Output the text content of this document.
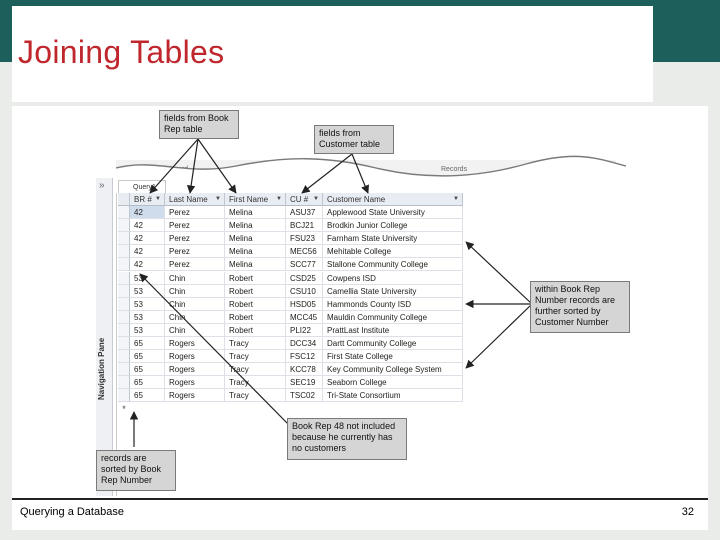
Joining Tables
Records
»
Navigation Pane
Query1
BR # ▼	Last Name ▼	First Name ▼	CU # ▼	Customer Name	▼
42	Perez	Melina	ASU37	Applewood State University
42	Perez	Melina	BCJ21	Brodkin Junior College
42	Perez	Melina	FSU23	Farnham State University
42	Perez	Melina	MEC56	Mehitable College
42	Perez	Melina	SCC77	Stallone Community College
53	Chin	Robert	CSD25	Cowpens ISD
53	Chin	Robert	CSU10	Camellia State University
53	Chin	Robert	HSD05	Hammonds County ISD
53	Chin	Robert	MCC45	Mauldin Community College
53	Chin	Robert	PLI22	PrattLast Institute
65	Rogers	Tracy	DCC34	Dartt Community College
65	Rogers	Tracy	FSC12	First State College
65	Rogers	Tracy	KCC78	Key Community College System
65	Rogers	Tracy	SEC19	Seaborn College
65	Rogers	Tracy	TSC02	Tri-State Consortium
*
fields from Book Rep table	fields from Customer table
within Book Rep Number records are further sorted by Customer Number
Book Rep 48 not included because he currently has no customers
records are sorted by Book Rep Number
Querying a Database	32
